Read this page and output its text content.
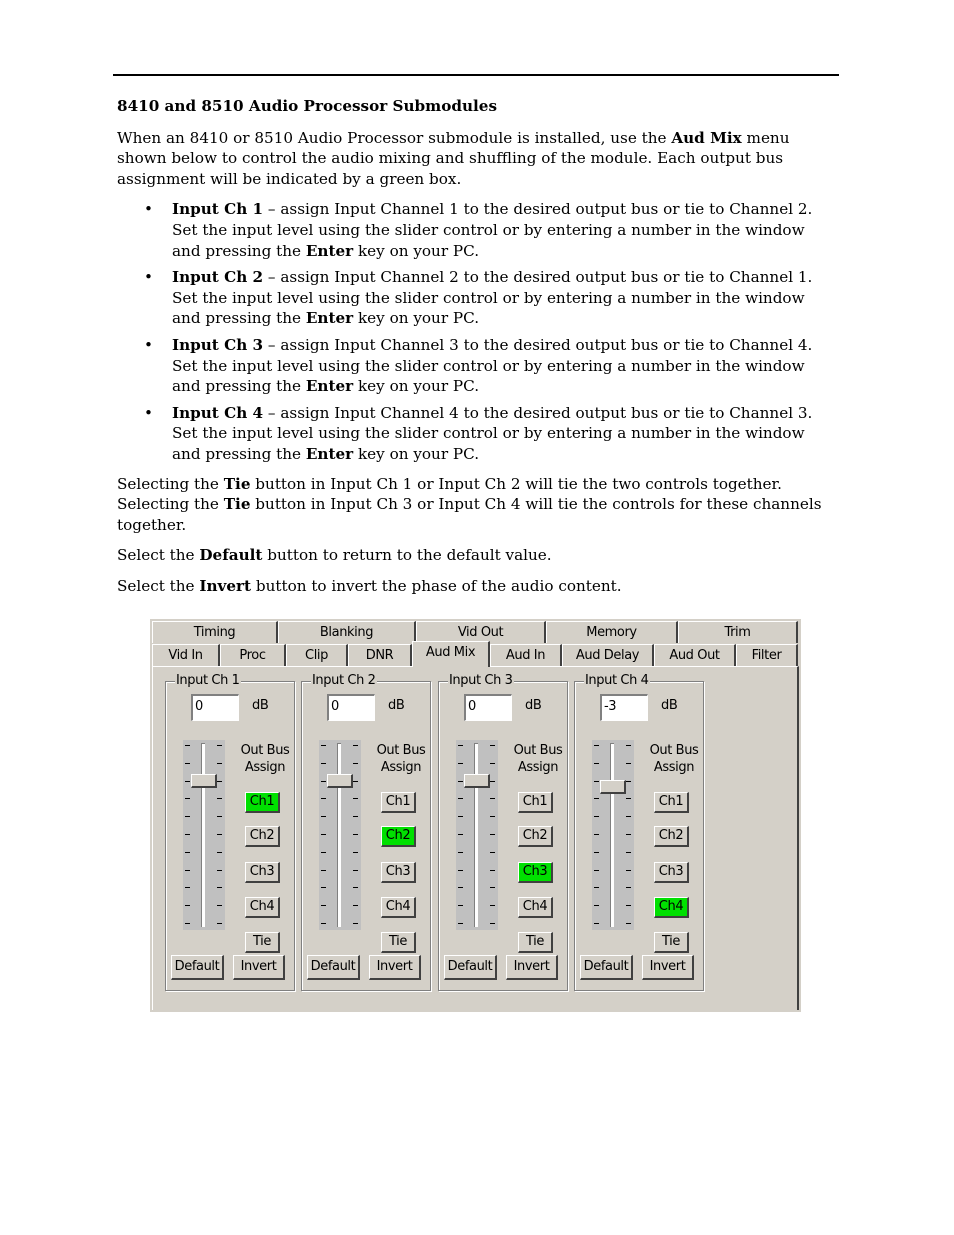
8410 and 8510 Audio Processor Submodules

When an 8410 or 8510 Audio Processor submodule is installed, use the Aud Mix menu shown below to control the audio mixing and shuffling of the module. Each output bus assignment will be indicated by a green box.

• Input Ch 1 – assign Input Channel 1 to the desired output bus or tie to Channel 2. Set the input level using the slider control or by entering a number in the window and pressing the Enter key on your PC.
• Input Ch 2 – assign Input Channel 2 to the desired output bus or tie to Channel 1. Set the input level using the slider control or by entering a number in the window and pressing the Enter key on your PC.
• Input Ch 3 – assign Input Channel 3 to the desired output bus or tie to Channel 4. Set the input level using the slider control or by entering a number in the window and pressing the Enter key on your PC.
• Input Ch 4 – assign Input Channel 4 to the desired output bus or tie to Channel 3. Set the input level using the slider control or by entering a number in the window and pressing the Enter key on your PC.

Selecting the Tie button in Input Ch 1 or Input Ch 2 will tie the two controls together. Selecting the Tie button in Input Ch 3 or Input Ch 4 will tie the controls for these channels together.

Select the Default button to return to the default value.

Select the Invert button to invert the phase of the audio content.

Timing	Blanking	Vid Out	Memory	Trim
Vid In	Proc	Clip	DNR	Aud Mix	Aud In	Aud Delay	Aud Out	Filter
Input Ch 1
0	dB
Out Bus
Assign
Ch1
Ch2
Ch3
Ch4
Tie
Default	Invert
Input Ch 2
0	dB
Out Bus
Assign
Ch1
Ch2
Ch3
Ch4
Tie
Default	Invert
Input Ch 3
0	dB
Out Bus
Assign
Ch1
Ch2
Ch3
Ch4
Tie
Default	Invert
Input Ch 4
-3	dB
Out Bus
Assign
Ch1
Ch2
Ch3
Ch4
Tie
Default	Invert
